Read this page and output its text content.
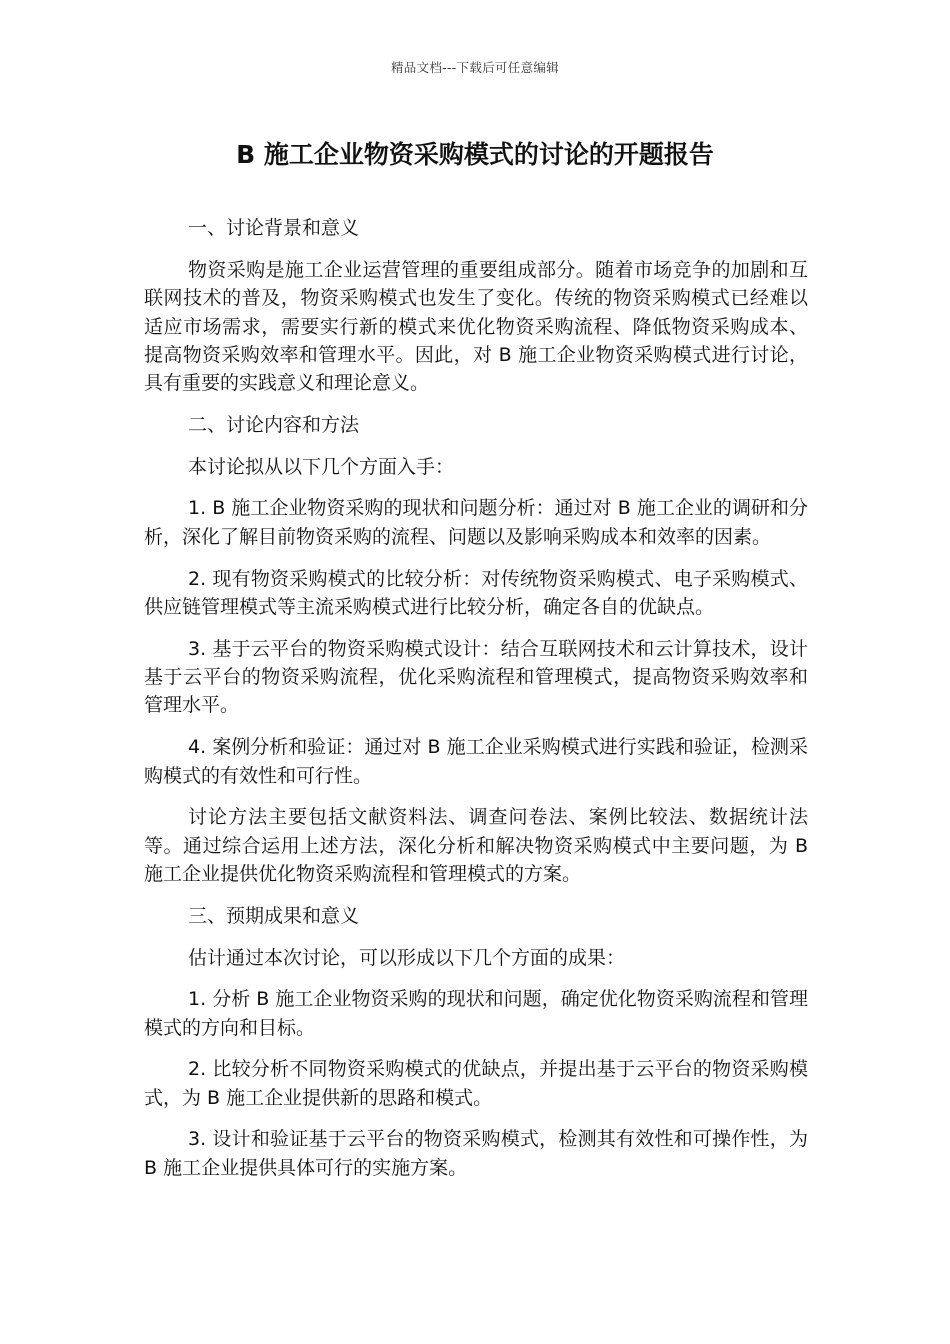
精品文档---下载后可任意编辑
B 施工企业物资采购模式的讨论的开题报告

一、讨论背景和意义

物资采购是施工企业运营管理的重要组成部分。随着市场竞争的加剧和互联网技术的普及，物资采购模式也发生了变化。传统的物资采购模式已经难以适应市场需求，需要实行新的模式来优化物资采购流程、降低物资采购成本、提高物资采购效率和管理水平。因此，对 B 施工企业物资采购模式进行讨论，具有重要的实践意义和理论意义。

二、讨论内容和方法

本讨论拟从以下几个方面入手：

1. B 施工企业物资采购的现状和问题分析：通过对 B 施工企业的调研和分析，深化了解目前物资采购的流程、问题以及影响采购成本和效率的因素。

2. 现有物资采购模式的比较分析：对传统物资采购模式、电子采购模式、供应链管理模式等主流采购模式进行比较分析，确定各自的优缺点。

3. 基于云平台的物资采购模式设计：结合互联网技术和云计算技术，设计基于云平台的物资采购流程，优化采购流程和管理模式，提高物资采购效率和管理水平。

4. 案例分析和验证：通过对 B 施工企业采购模式进行实践和验证，检测采购模式的有效性和可行性。

讨论方法主要包括文献资料法、调查问卷法、案例比较法、数据统计法等。通过综合运用上述方法，深化分析和解决物资采购模式中主要问题，为 B 施工企业提供优化物资采购流程和管理模式的方案。

三、预期成果和意义

估计通过本次讨论，可以形成以下几个方面的成果：

1. 分析 B 施工企业物资采购的现状和问题，确定优化物资采购流程和管理模式的方向和目标。

2. 比较分析不同物资采购模式的优缺点，并提出基于云平台的物资采购模式，为 B 施工企业提供新的思路和模式。

3. 设计和验证基于云平台的物资采购模式，检测其有效性和可操作性，为 B 施工企业提供具体可行的实施方案。
